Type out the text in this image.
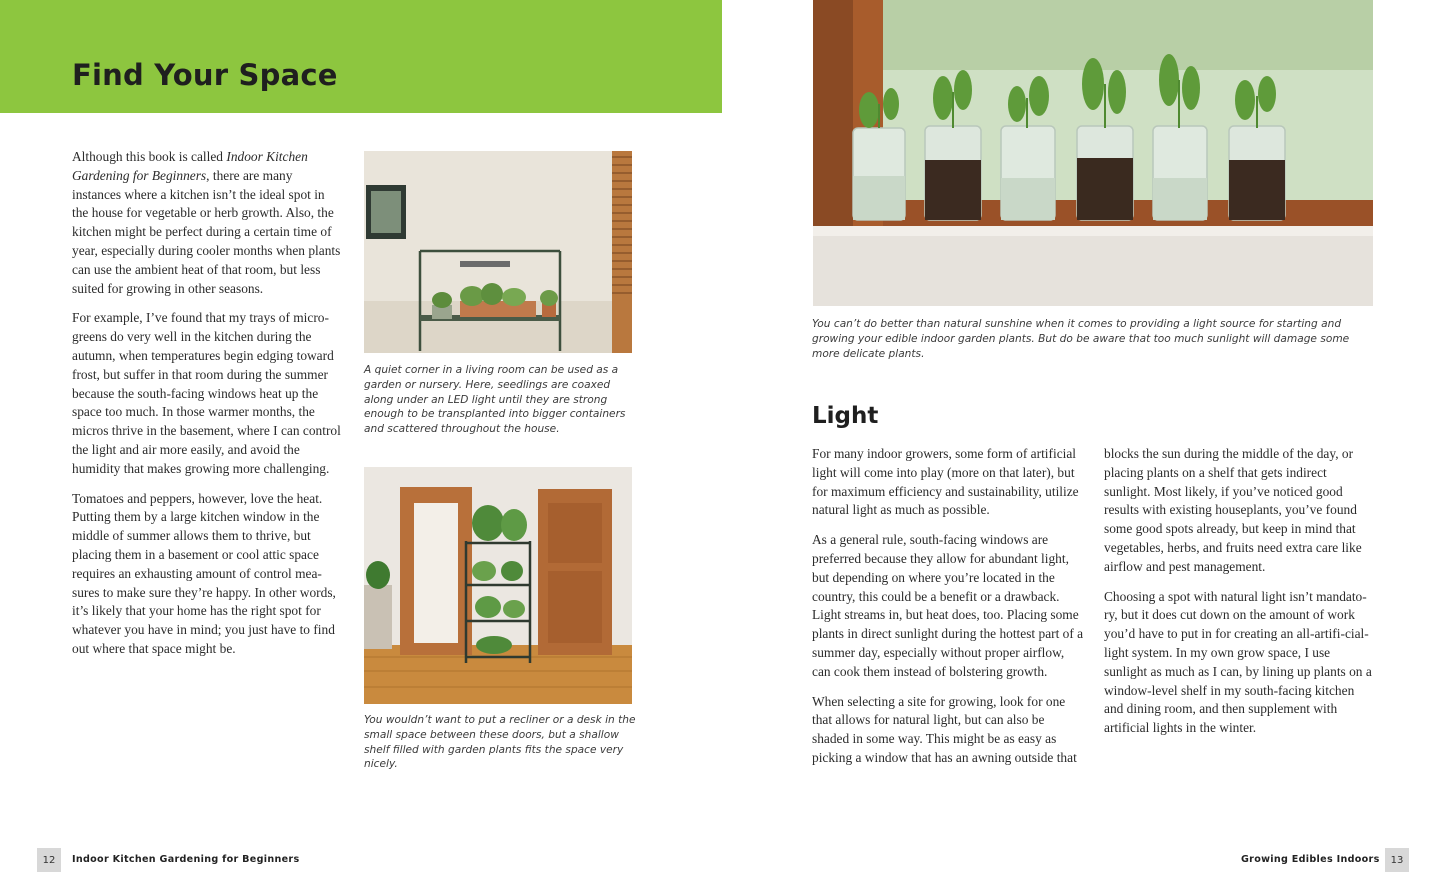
Find Your Space

Although this book is called Indoor Kitchen Gardening for Beginners, there are many instances where a kitchen isn’t the ideal spot in the house for vegetable or herb growth. Also, the kitchen might be perfect during a certain time of year, especially during cooler months when plants can use the ambient heat of that room, but less suited for growing in other seasons.

For example, I’ve found that my trays of micro-greens do very well in the kitchen during the autumn, when temperatures begin edging toward frost, but suffer in that room during the summer because the south-facing windows heat up the space too much. In those warmer months, the micros thrive in the basement, where I can control the light and air more easily, and avoid the humidity that makes growing more challenging.

Tomatoes and peppers, however, love the heat. Putting them by a large kitchen window in the middle of summer allows them to thrive, but placing them in a basement or cool attic space requires an exhausting amount of control mea-sures to make sure they’re happy. In other words, it’s likely that your home has the right spot for whatever you have in mind; you just have to find out where that space might be.

A quiet corner in a living room can be used as a garden or nursery. Here, seedlings are coaxed along under an LED light until they are strong enough to be transplanted into bigger containers and scattered throughout the house.

You wouldn’t want to put a recliner or a desk in the small space between these doors, but a shallow shelf filled with garden plants fits the space very nicely.

12	Indoor Kitchen Gardening for Beginners

You can’t do better than natural sunshine when it comes to providing a light source for starting and growing your edible indoor garden plants. But do be aware that too much sunlight will damage some more delicate plants.

Light

For many indoor growers, some form of artificial light will come into play (more on that later), but for maximum efficiency and sustainability, utilize natural light as much as possible.

As a general rule, south-facing windows are preferred because they allow for abundant light, but depending on where you’re located in the country, this could be a benefit or a drawback. Light streams in, but heat does, too. Placing some plants in direct sunlight during the hottest part of a summer day, especially without proper airflow, can cook them instead of bolstering growth.

When selecting a site for growing, look for one that allows for natural light, but can also be shaded in some way. This might be as easy as picking a window that has an awning outside that

blocks the sun during the middle of the day, or placing plants on a shelf that gets indirect sunlight. Most likely, if you’ve noticed good results with existing houseplants, you’ve found some good spots already, but keep in mind that vegetables, herbs, and fruits need extra care like airflow and pest management.

Choosing a spot with natural light isn’t mandato-ry, but it does cut down on the amount of work you’d have to put in for creating an all-artifi-cial-light system. In my own grow space, I use sunlight as much as I can, by lining up plants on a window-level shelf in my south-facing kitchen and dining room, and then supplement with artificial lights in the winter.

Growing Edibles Indoors	13
